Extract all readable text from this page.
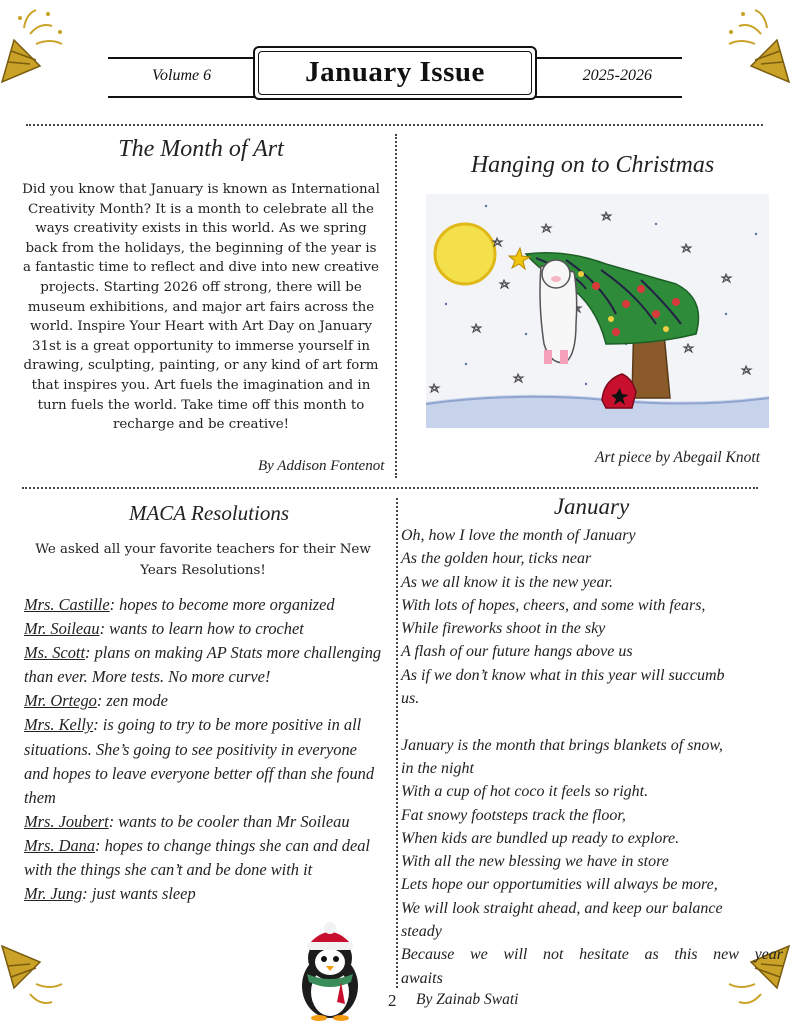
Volume 6	January Issue	2025-2026
The Month of Art
Did you know that January is known as International Creativity Month? It is a month to celebrate all the ways creativity exists in this world. As we spring back from the holidays, the beginning of the year is a fantastic time to reflect and dive into new creative projects. Starting 2026 off strong, there will be museum exhibitions, and major art fairs across the world. Inspire Your Heart with Art Day on January 31st is a great opportunity to immerse yourself in drawing, sculpting, painting, or any kind of art form that inspires you. Art fuels the imagination and in turn fuels the world. Take time off this month to recharge and be creative!
By Addison Fontenot
Hanging on to Christmas
Art piece by Abegail Knott
MACA Resolutions
We asked all your favorite teachers for their New Years Resolutions!
Mrs. Castille: hopes to become more organized
Mr. Soileau: wants to learn how to crochet
Ms. Scott: plans on making AP Stats more challenging than ever. More tests. No more curve!
Mr. Ortego: zen mode
Mrs. Kelly: is going to try to be more positive in all situations. She’s going to see positivity in everyone and hopes to leave everyone better off than she found them
Mrs. Joubert: wants to be cooler than Mr Soileau
Mrs. Dana: hopes to change things she can and deal with the things she can’t and be done with it
Mr. Jung: just wants sleep
January
Oh, how I love the month of January
As the golden hour, ticks near
As we all know it is the new year.
With lots of hopes, cheers, and some with fears,
While fireworks shoot in the sky
A flash of our future hangs above us
As if we don’t know what in this year will succumb
us.
January is the month that brings blankets of snow,
in the night
With a cup of hot coco it feels so right.
Fat snowy footsteps track the floor,
When kids are bundled up ready to explore.
With all the new blessing we have in store
Lets hope our opportumities will always be more,
We will look straight ahead, and keep our balance
steady
Because we will not hesitate as this new year
awaits
2 By Zainab Swati
